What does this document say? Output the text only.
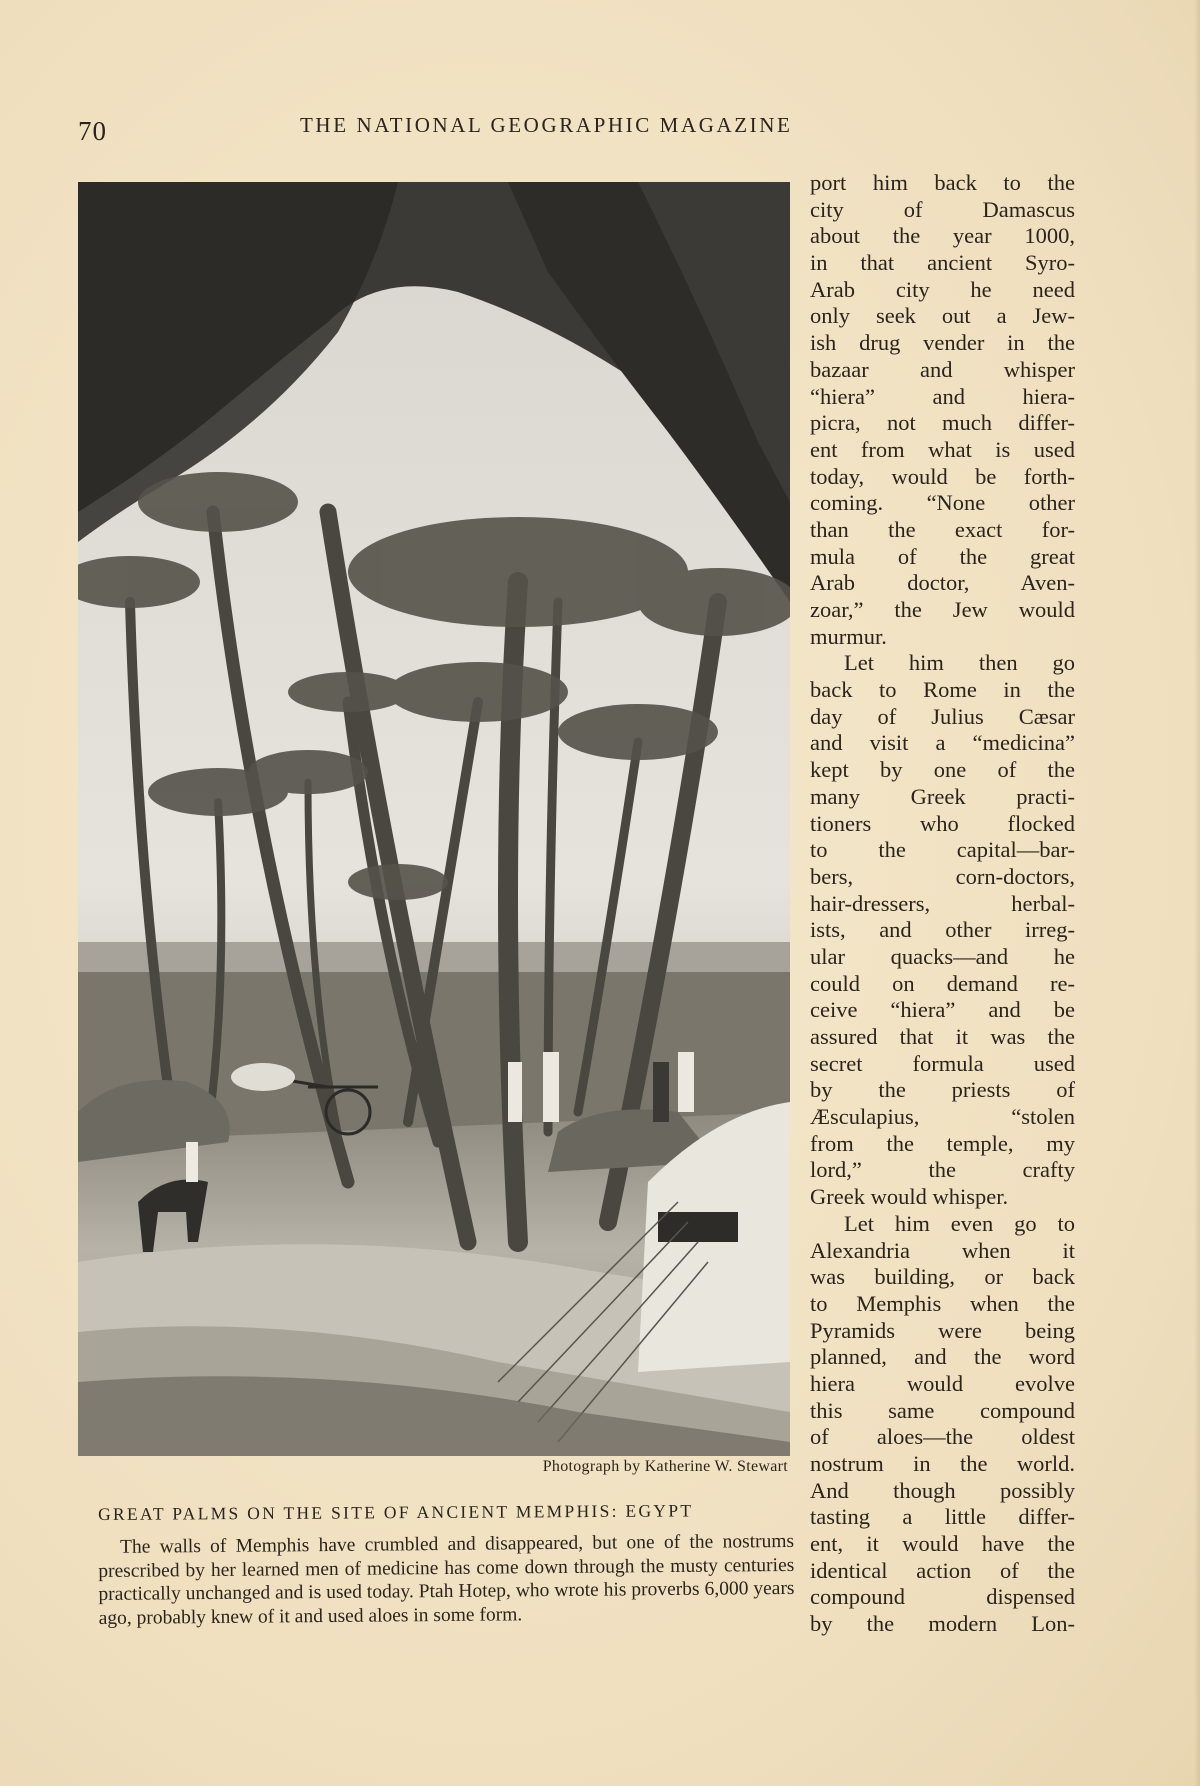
70	THE NATIONAL GEOGRAPHIC MAGAZINE
Photograph by Katherine W. Stewart
GREAT PALMS ON THE SITE OF ANCIENT MEMPHIS: EGYPT
The walls of Memphis have crumbled and disappeared, but one of the nostrums prescribed by her learned men of medicine has come down through the musty centuries practically unchanged and is used today. Ptah Hotep, who wrote his proverbs 6,000 years ago, probably knew of it and used aloes in some form.
port him back to the
city of Damascus
about the year 1000,
in that ancient Syro-
Arab city he need
only seek out a Jew-
ish drug vender in the
bazaar and whisper
“hiera” and hiera-
picra, not much differ-
ent from what is used
today, would be forth-
coming. “None other
than the exact for-
mula of the great
Arab doctor, Aven-
zoar,” the Jew would
murmur.
Let him then go
back to Rome in the
day of Julius Cæsar
and visit a “medicina”
kept by one of the
many Greek practi-
tioners who flocked
to the capital—bar-
bers, corn-doctors,
hair-dressers, herbal-
ists, and other irreg-
ular quacks—and he
could on demand re-
ceive “hiera” and be
assured that it was the
secret formula used
by the priests of
Æsculapius, “stolen
from the temple, my
lord,” the crafty
Greek would whisper.
Let him even go to
Alexandria when it
was building, or back
to Memphis when the
Pyramids were being
planned, and the word
hiera would evolve
this same compound
of aloes—the oldest
nostrum in the world.
And though possibly
tasting a little differ-
ent, it would have the
identical action of the
compound dispensed
by the modern Lon-
